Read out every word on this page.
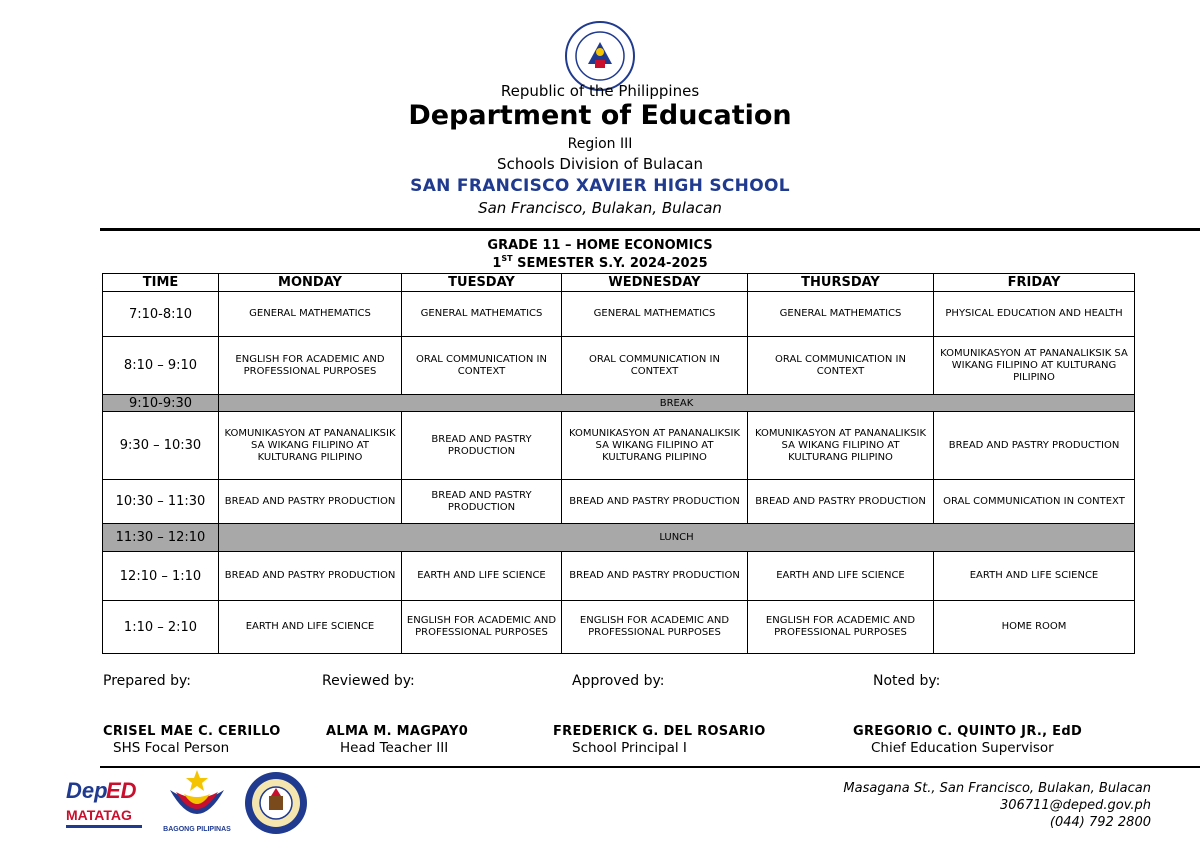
Republic of the Philippines
Department of Education
Region III
Schools Division of Bulacan
SAN FRANCISCO XAVIER HIGH SCHOOL
San Francisco, Bulakan, Bulacan
GRADE 11 – HOME ECONOMICS
1ST SEMESTER S.Y. 2024-2025
TIME	MONDAY	TUESDAY	WEDNESDAY	THURSDAY	FRIDAY
7:10-8:10	GENERAL MATHEMATICS	GENERAL MATHEMATICS	GENERAL MATHEMATICS	GENERAL MATHEMATICS	PHYSICAL EDUCATION AND HEALTH
8:10 – 9:10	ENGLISH FOR ACADEMIC AND PROFESSIONAL PURPOSES	ORAL COMMUNICATION IN CONTEXT	ORAL COMMUNICATION IN CONTEXT	ORAL COMMUNICATION IN CONTEXT	KOMUNIKASYON AT PANANALIKSIK SA WIKANG FILIPINO AT KULTURANG PILIPINO
9:10-9:30	BREAK				
9:30 – 10:30	KOMUNIKASYON AT PANANALIKSIK SA WIKANG FILIPINO AT KULTURANG PILIPINO	BREAD AND PASTRY PRODUCTION	KOMUNIKASYON AT PANANALIKSIK SA WIKANG FILIPINO AT KULTURANG PILIPINO	KOMUNIKASYON AT PANANALIKSIK SA WIKANG FILIPINO AT KULTURANG PILIPINO	BREAD AND PASTRY PRODUCTION
10:30 – 11:30	BREAD AND PASTRY PRODUCTION	BREAD AND PASTRY PRODUCTION	BREAD AND PASTRY PRODUCTION	BREAD AND PASTRY PRODUCTION	ORAL COMMUNICATION IN CONTEXT
11:30 – 12:10	LUNCH				
12:10 – 1:10	BREAD AND PASTRY PRODUCTION	EARTH AND LIFE SCIENCE	BREAD AND PASTRY PRODUCTION	EARTH AND LIFE SCIENCE	EARTH AND LIFE SCIENCE
1:10 – 2:10	EARTH AND LIFE SCIENCE	ENGLISH FOR ACADEMIC AND PROFESSIONAL PURPOSES	ENGLISH FOR ACADEMIC AND PROFESSIONAL PURPOSES	ENGLISH FOR ACADEMIC AND PROFESSIONAL PURPOSES	HOME ROOM
Prepared by:	Reviewed by:	Approved by:	Noted by:
CRISEL MAE C. CERILLO
SHS Focal Person
ALMA M. MAGPAY0
Head Teacher III
FREDERICK G. DEL ROSARIO
School Principal I
GREGORIO C. QUINTO JR., EdD
Chief Education Supervisor
Dep
ED
MATATAG
BAGONG PILIPINAS
Masagana St., San Francisco, Bulakan, Bulacan
306711@deped.gov.ph
(044) 792 2800
